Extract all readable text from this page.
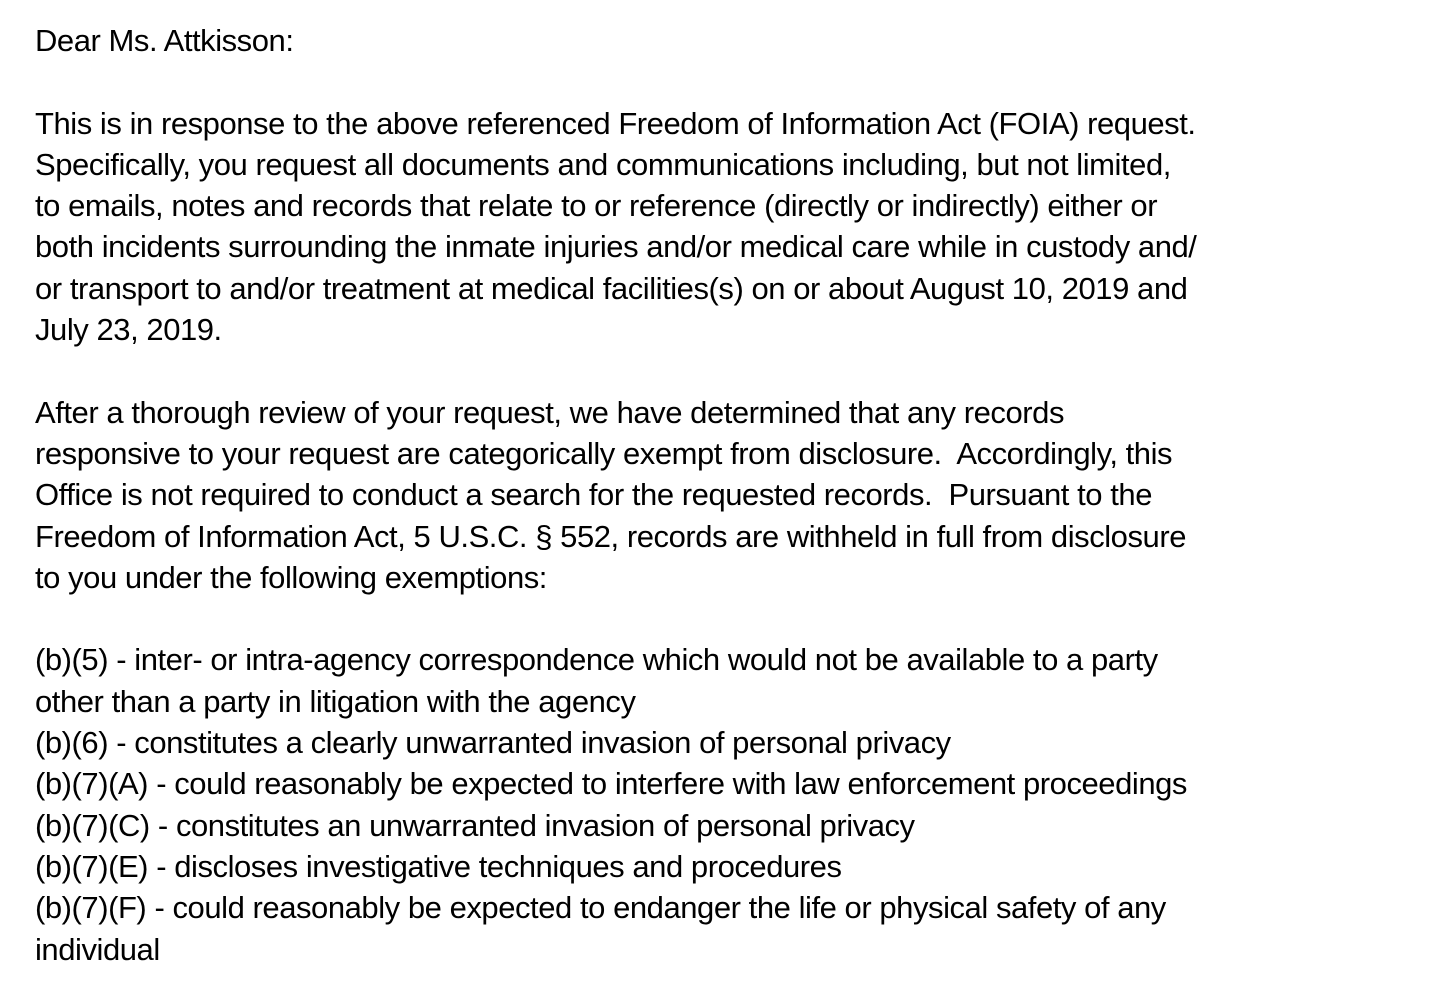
Dear Ms. Attkisson:
This is in response to the above referenced Freedom of Information Act (FOIA) request.
Specifically, you request all documents and communications including, but not limited,
to emails, notes and records that relate to or reference (directly or indirectly) either or
both incidents surrounding the inmate injuries and/or medical care while in custody and/
or transport to and/or treatment at medical facilities(s) on or about August 10, 2019 and
July 23, 2019.
After a thorough review of your request, we have determined that any records
responsive to your request are categorically exempt from disclosure.  Accordingly, this
Office is not required to conduct a search for the requested records.  Pursuant to the
Freedom of Information Act, 5 U.S.C. § 552, records are withheld in full from disclosure
to you under the following exemptions:
(b)(5) - inter- or intra-agency correspondence which would not be available to a party
other than a party in litigation with the agency
(b)(6) - constitutes a clearly unwarranted invasion of personal privacy
(b)(7)(A) - could reasonably be expected to interfere with law enforcement proceedings
(b)(7)(C) - constitutes an unwarranted invasion of personal privacy
(b)(7)(E) - discloses investigative techniques and procedures
(b)(7)(F) - could reasonably be expected to endanger the life or physical safety of any
individual
